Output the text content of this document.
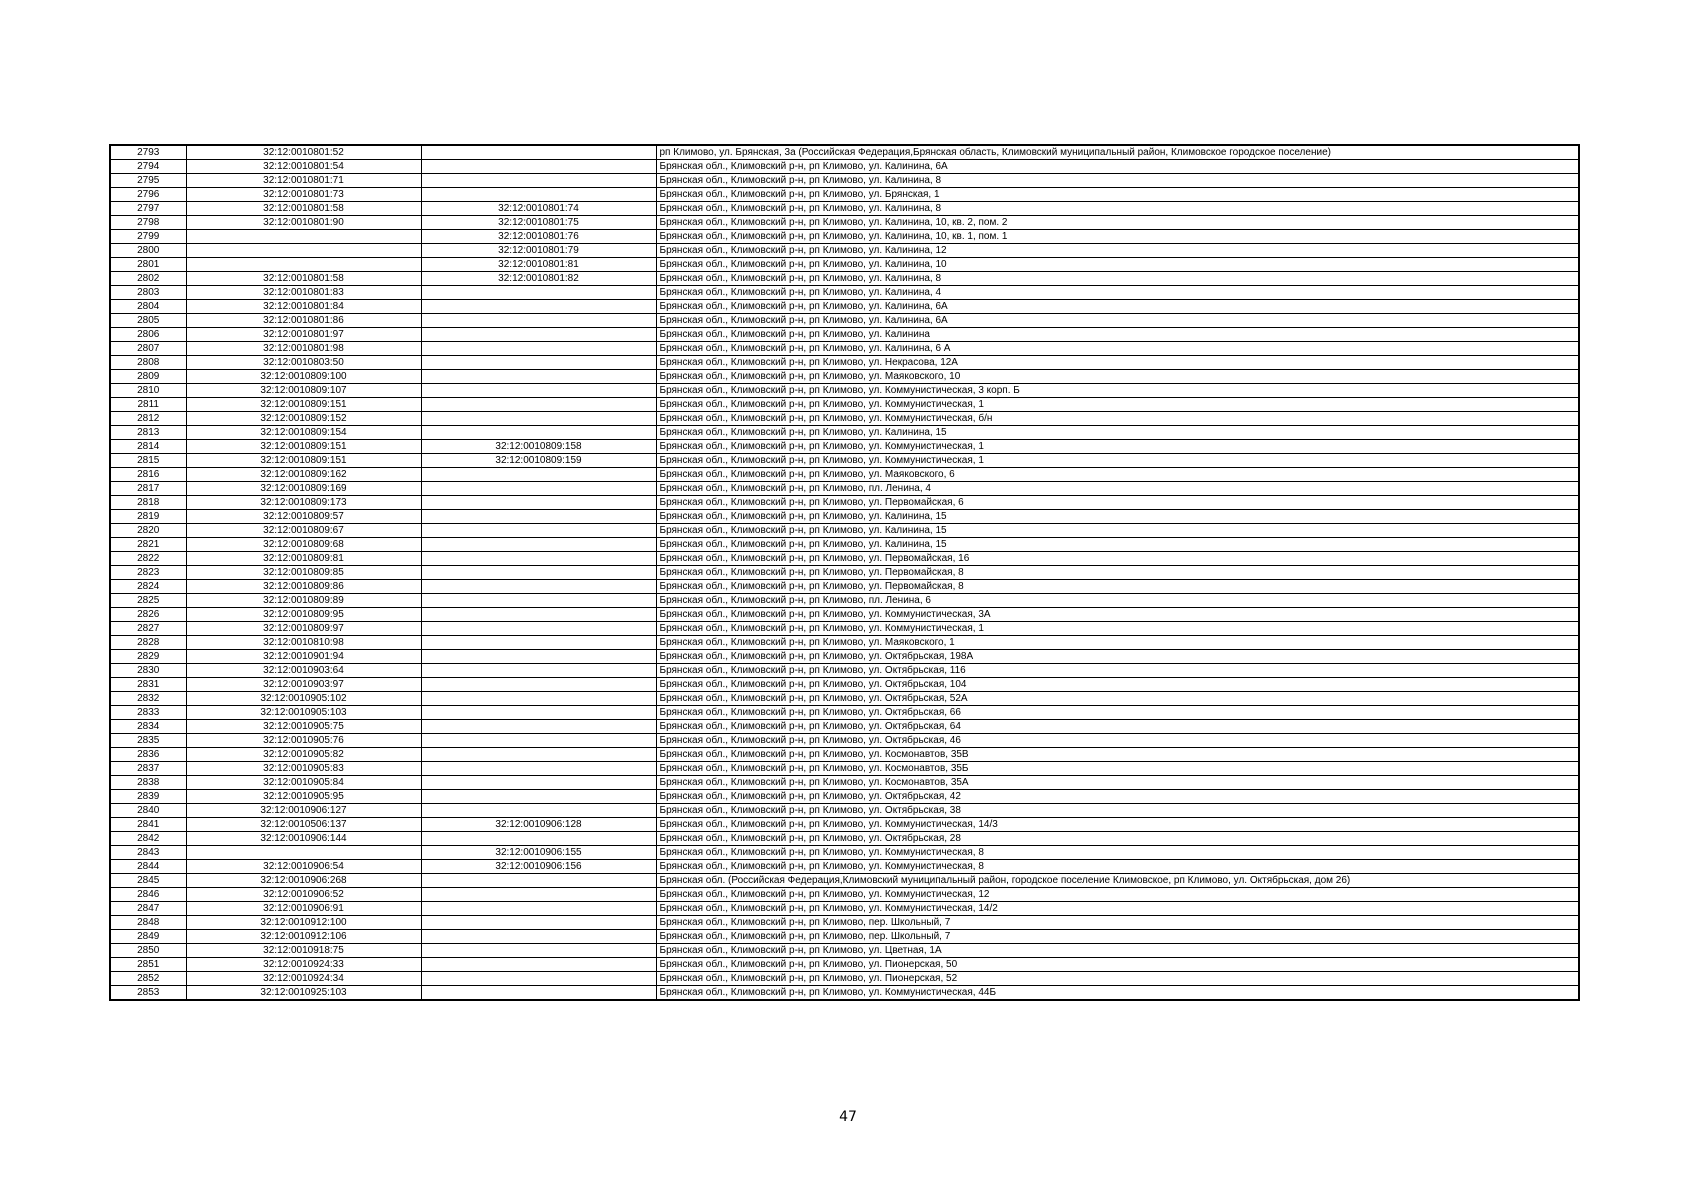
2793	32:12:0010801:52		рп Климово, ул. Брянская, 3а (Российская Федерация,Брянская область, Климовский муниципальный район, Климовское городское поселение)
2794	32:12:0010801:54		Брянская обл., Климовский р-н, рп Климово, ул. Калинина, 6А
2795	32:12:0010801:71		Брянская обл., Климовский р-н, рп Климово, ул. Калинина, 8
2796	32:12:0010801:73		Брянская обл., Климовский р-н, рп Климово, ул. Брянская, 1
2797	32:12:0010801:58	32:12:0010801:74	Брянская обл., Климовский р-н, рп Климово, ул. Калинина, 8
2798	32:12:0010801:90	32:12:0010801:75	Брянская обл., Климовский р-н, рп Климово, ул. Калинина, 10, кв. 2, пом. 2
2799		32:12:0010801:76	Брянская обл., Климовский р-н, рп Климово, ул. Калинина, 10, кв. 1, пом. 1
2800		32:12:0010801:79	Брянская обл., Климовский р-н, рп Климово, ул. Калинина, 12
2801		32:12:0010801:81	Брянская обл., Климовский р-н, рп Климово, ул. Калинина, 10
2802	32:12:0010801:58	32:12:0010801:82	Брянская обл., Климовский р-н, рп Климово, ул. Калинина, 8
2803	32:12:0010801:83		Брянская обл., Климовский р-н, рп Климово, ул. Калинина, 4
2804	32:12:0010801:84		Брянская обл., Климовский р-н, рп Климово, ул. Калинина, 6А
2805	32:12:0010801:86		Брянская обл., Климовский р-н, рп Климово, ул. Калинина, 6А
2806	32:12:0010801:97		Брянская обл., Климовский р-н, рп Климово, ул. Калинина
2807	32:12:0010801:98		Брянская обл., Климовский р-н, рп Климово, ул. Калинина, 6 А
2808	32:12:0010803:50		Брянская обл., Климовский р-н, рп Климово, ул. Некрасова, 12А
2809	32:12:0010809:100		Брянская обл., Климовский р-н, рп Климово, ул. Маяковского, 10
2810	32:12:0010809:107		Брянская обл., Климовский р-н, рп Климово, ул. Коммунистическая, 3 корп. Б
2811	32:12:0010809:151		Брянская обл., Климовский р-н, рп Климово, ул. Коммунистическая, 1
2812	32:12:0010809:152		Брянская обл., Климовский р-н, рп Климово, ул. Коммунистическая, б/н
2813	32:12:0010809:154		Брянская обл., Климовский р-н, рп Климово, ул. Калинина, 15
2814	32:12:0010809:151	32:12:0010809:158	Брянская обл., Климовский р-н, рп Климово, ул. Коммунистическая, 1
2815	32:12:0010809:151	32:12:0010809:159	Брянская обл., Климовский р-н, рп Климово, ул. Коммунистическая, 1
2816	32:12:0010809:162		Брянская обл., Климовский р-н, рп Климово, ул. Маяковского, 6
2817	32:12:0010809:169		Брянская обл., Климовский р-н, рп Климово, пл. Ленина, 4
2818	32:12:0010809:173		Брянская обл., Климовский р-н, рп Климово, ул. Первомайская, 6
2819	32:12:0010809:57		Брянская обл., Климовский р-н, рп Климово, ул. Калинина, 15
2820	32:12:0010809:67		Брянская обл., Климовский р-н, рп Климово, ул. Калинина, 15
2821	32:12:0010809:68		Брянская обл., Климовский р-н, рп Климово, ул. Калинина, 15
2822	32:12:0010809:81		Брянская обл., Климовский р-н, рп Климово, ул. Первомайская, 16
2823	32:12:0010809:85		Брянская обл., Климовский р-н, рп Климово, ул. Первомайская, 8
2824	32:12:0010809:86		Брянская обл., Климовский р-н, рп Климово, ул. Первомайская, 8
2825	32:12:0010809:89		Брянская обл., Климовский р-н, рп Климово, пл. Ленина, 6
2826	32:12:0010809:95		Брянская обл., Климовский р-н, рп Климово, ул. Коммунистическая, 3А
2827	32:12:0010809:97		Брянская обл., Климовский р-н, рп Климово, ул. Коммунистическая, 1
2828	32:12:0010810:98		Брянская обл., Климовский р-н, рп Климово, ул. Маяковского, 1
2829	32:12:0010901:94		Брянская обл., Климовский р-н, рп Климово, ул. Октябрьская, 198А
2830	32:12:0010903:64		Брянская обл., Климовский р-н, рп Климово, ул. Октябрьская, 116
2831	32:12:0010903:97		Брянская обл., Климовский р-н, рп Климово, ул. Октябрьская, 104
2832	32:12:0010905:102		Брянская обл., Климовский р-н, рп Климово, ул. Октябрьская, 52А
2833	32:12:0010905:103		Брянская обл., Климовский р-н, рп Климово, ул. Октябрьская, 66
2834	32:12:0010905:75		Брянская обл., Климовский р-н, рп Климово, ул. Октябрьская, 64
2835	32:12:0010905:76		Брянская обл., Климовский р-н, рп Климово, ул. Октябрьская, 46
2836	32:12:0010905:82		Брянская обл., Климовский р-н, рп Климово, ул. Космонавтов, 35В
2837	32:12:0010905:83		Брянская обл., Климовский р-н, рп Климово, ул. Космонавтов, 35Б
2838	32:12:0010905:84		Брянская обл., Климовский р-н, рп Климово, ул. Космонавтов, 35А
2839	32:12:0010905:95		Брянская обл., Климовский р-н, рп Климово, ул. Октябрьская, 42
2840	32:12:0010906:127		Брянская обл., Климовский р-н, рп Климово, ул. Октябрьская, 38
2841	32:12:0010506:137	32:12:0010906:128	Брянская обл., Климовский р-н, рп Климово, ул. Коммунистическая, 14/3
2842	32:12:0010906:144		Брянская обл., Климовский р-н, рп Климово, ул. Октябрьская, 28
2843		32:12:0010906:155	Брянская обл., Климовский р-н, рп Климово, ул. Коммунистическая, 8
2844	32:12:0010906:54	32:12:0010906:156	Брянская обл., Климовский р-н, рп Климово, ул. Коммунистическая, 8
2845	32:12:0010906:268		Брянская обл. (Российская Федерация,Климовский муниципальный район, городское поселение Климовское, рп Климово, ул. Октябрьская, дом 26)
2846	32:12:0010906:52		Брянская обл., Климовский р-н, рп Климово, ул. Коммунистическая, 12
2847	32:12:0010906:91		Брянская обл., Климовский р-н, рп Климово, ул. Коммунистическая, 14/2
2848	32:12:0010912:100		Брянская обл., Климовский р-н, рп Климово, пер. Школьный, 7
2849	32:12:0010912:106		Брянская обл., Климовский р-н, рп Климово, пер. Школьный, 7
2850	32:12:0010918:75		Брянская обл., Климовский р-н, рп Климово, ул. Цветная, 1А
2851	32:12:0010924:33		Брянская обл., Климовский р-н, рп Климово, ул. Пионерская, 50
2852	32:12:0010924:34		Брянская обл., Климовский р-н, рп Климово, ул. Пионерская, 52
2853	32:12:0010925:103		Брянская обл., Климовский р-н, рп Климово, ул. Коммунистическая, 44Б
47
